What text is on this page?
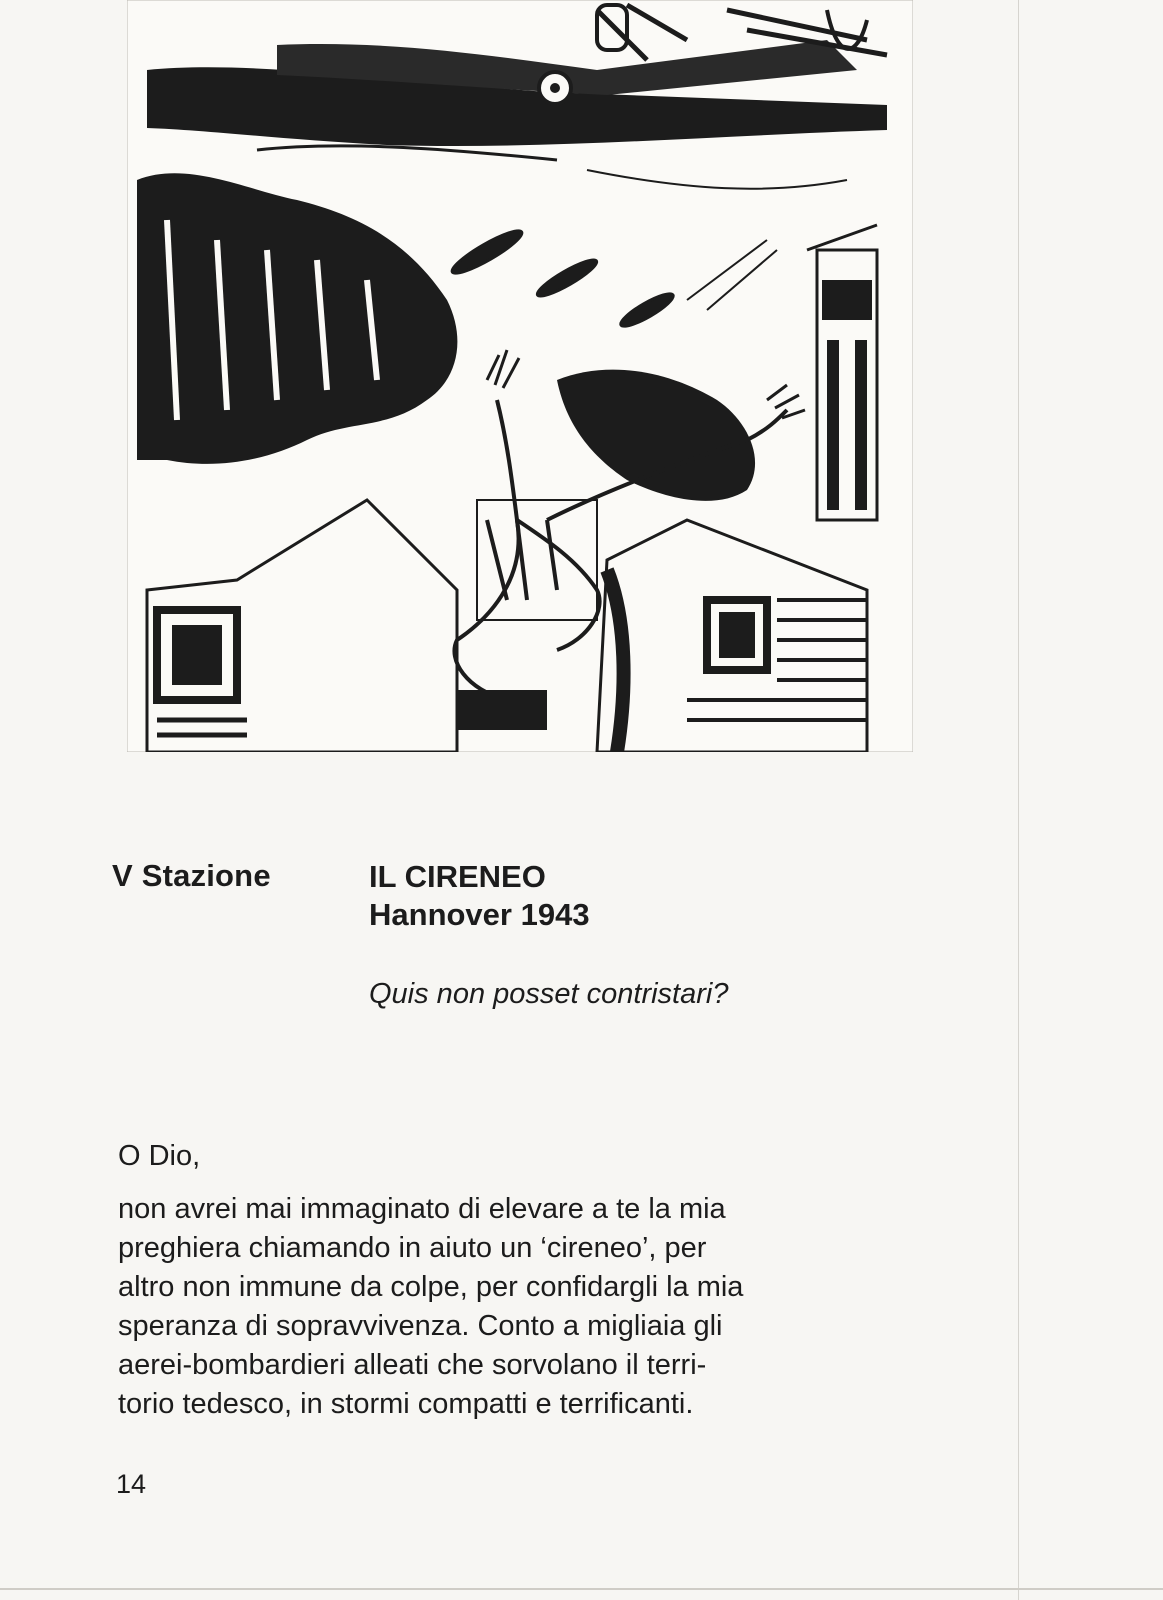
V Stazione	IL CIRENEO
Hannover 1943
Quis non posset contristari?
O Dio,
non avrei mai immaginato di elevare a te la mia
preghiera chiamando in aiuto un ‘cireneo’, per
altro non immune da colpe, per confidargli la mia
speranza di sopravvivenza. Conto a migliaia gli
aerei-bombardieri alleati che sorvolano il terri-
torio tedesco, in stormi compatti e terrificanti.
14
